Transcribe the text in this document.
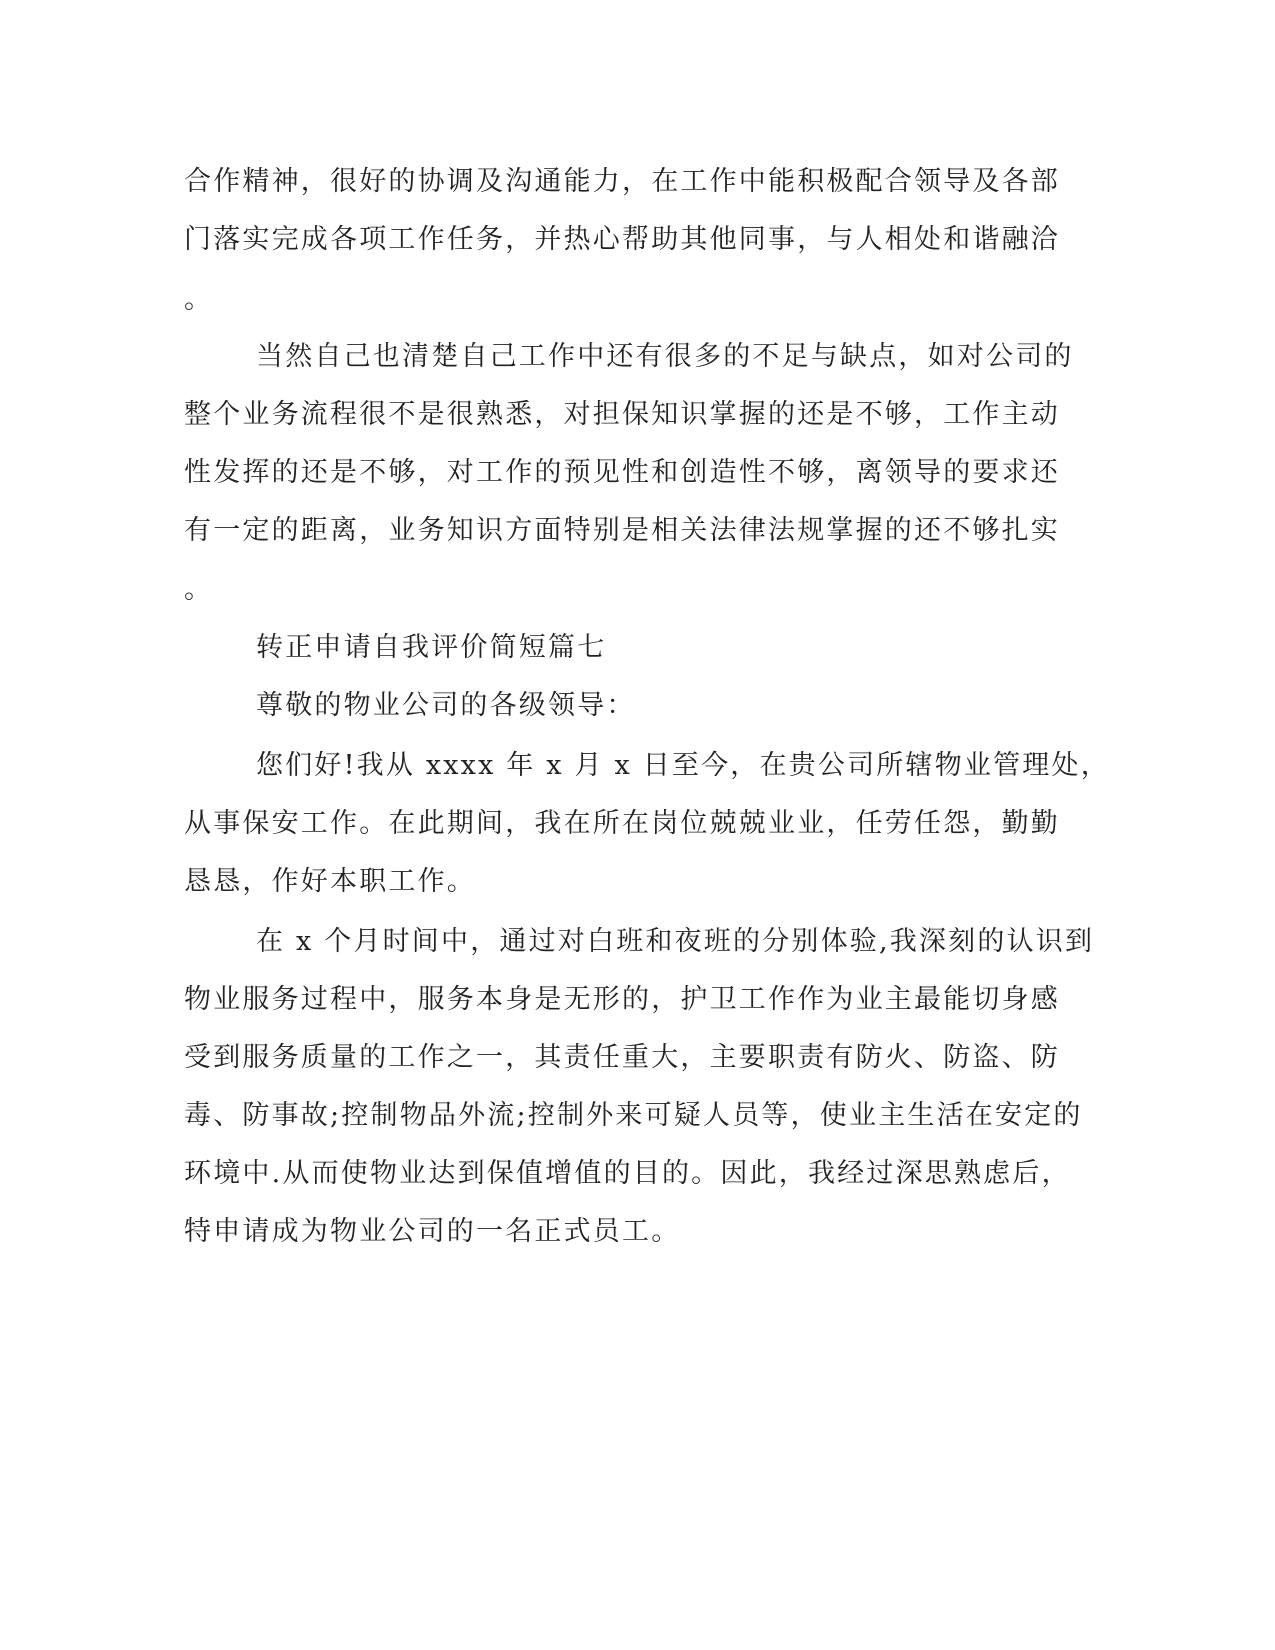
合作精神，很好的协调及沟通能力，在工作中能积极配合领导及各部
门落实完成各项工作任务，并热心帮助其他同事，与人相处和谐融洽
。
当然自己也清楚自己工作中还有很多的不足与缺点，如对公司的
整个业务流程很不是很熟悉，对担保知识掌握的还是不够，工作主动
性发挥的还是不够，对工作的预见性和创造性不够，离领导的要求还
有一定的距离，业务知识方面特别是相关法律法规掌握的还不够扎实
。
转正申请自我评价简短篇七
尊敬的物业公司的各级领导：
您们好!我从 xxxx 年 x 月 x 日至今，在贵公司所辖物业管理处，
从事保安工作。在此期间，我在所在岗位兢兢业业，任劳任怨，勤勤
恳恳，作好本职工作。
在 x 个月时间中，通过对白班和夜班的分别体验,我深刻的认识到
物业服务过程中，服务本身是无形的，护卫工作作为业主最能切身感
受到服务质量的工作之一，其责任重大，主要职责有防火、防盗、防
毒、防事故;控制物品外流;控制外来可疑人员等，使业主生活在安定的
环境中.从而使物业达到保值增值的目的。因此，我经过深思熟虑后，
特申请成为物业公司的一名正式员工。
